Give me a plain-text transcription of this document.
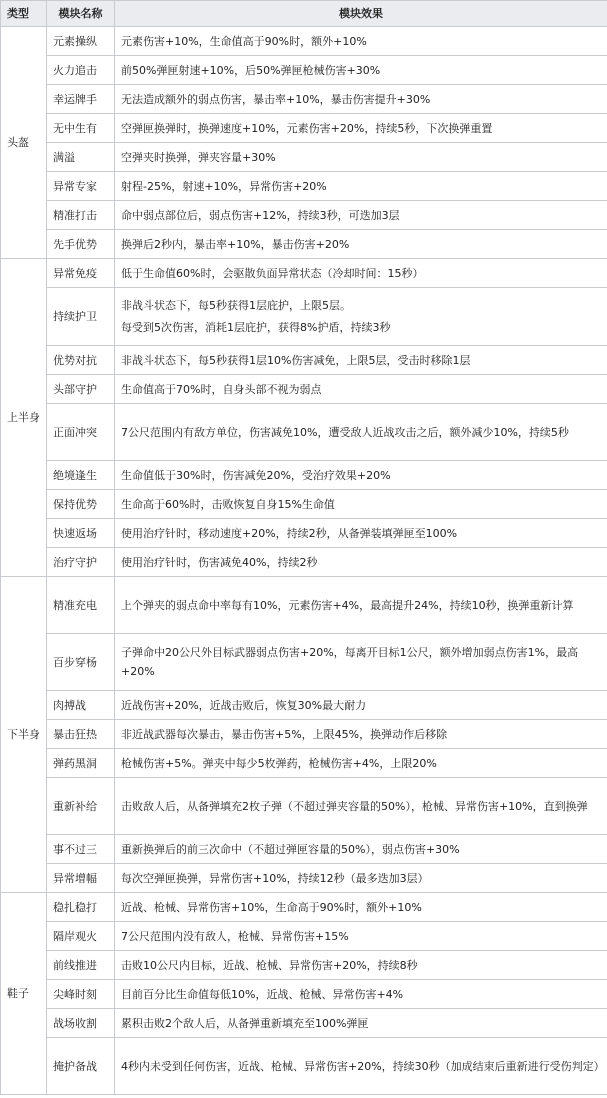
类型	模块名称	模块效果
头盔	元素操纵	元素伤害+10%，生命值高于90%时，额外+10%
	火力追击	前50%弹匣射速+10%，后50%弹匣枪械伤害+30%
	幸运牌手	无法造成额外的弱点伤害，暴击率+10%，暴击伤害提升+30%
	无中生有	空弹匣换弹时，换弹速度+10%，元素伤害+20%，持续5秒，下次换弹重置
	满溢	空弹夹时换弹，弹夹容量+30%
	异常专家	射程-25%，射速+10%，异常伤害+20%
	精准打击	命中弱点部位后，弱点伤害+12%，持续3秒，可迭加3层
	先手优势	换弹后2秒内，暴击率+10%，暴击伤害+20%
上半身	异常免疫	低于生命值60%时，会驱散负面异常状态（冷却时间：15秒）
	持续护卫	非战斗状态下，每5秒获得1层庇护，上限5层。
每受到5次伤害，消耗1层庇护，获得8%护盾，持续3秒

	优势对抗	非战斗状态下，每5秒获得1层10%伤害减免，上限5层，受击时移除1层
	头部守护	生命值高于70%时，自身头部不视为弱点
	正面冲突	7公尺范围内有敌方单位，伤害减免10%，遭受敌人近战攻击之后，额外减少10%，持续5秒
	绝境逢生	生命值低于30%时，伤害减免20%，受治疗效果+20%
	保持优势	生命高于60%时，击败恢复自身15%生命值
	快速返场	使用治疗针时，移动速度+20%，持续2秒，从备弹装填弹匣至100%
	治疗守护	使用治疗针时，伤害减免40%，持续2秒
下半身	精准充电	上个弹夹的弱点命中率每有10%，元素伤害+4%，最高提升24%，持续10秒，换弹重新计算
	百步穿杨	子弹命中20公尺外目标武器弱点伤害+20%，每离开目标1公尺，额外增加弱点伤害1%，最高+20%
	肉搏战	近战伤害+20%，近战击败后，恢复30%最大耐力
	暴击狂热	非近战武器每次暴击，暴击伤害+5%，上限45%，换弹动作后移除
	弹药黑洞	枪械伤害+5%。弹夹中每少5枚弹药，枪械伤害+4%，上限20%
	重新补给	击败敌人后，从备弹填充2枚子弹（不超过弹夹容量的50%），枪械、异常伤害+10%，直到换弹
	事不过三	重新换弹后的前三次命中（不超过弹匣容量的50%），弱点伤害+30%
	异常增幅	每次空弹匣换弹，异常伤害+10%，持续12秒（最多迭加3层）
鞋子	稳扎稳打	近战、枪械、异常伤害+10%，生命高于90%时，额外+10%
	隔岸观火	7公尺范围内没有敌人，枪械、异常伤害+15%
	前线推进	击败10公尺内目标，近战、枪械、异常伤害+20%，持续8秒
	尖峰时刻	目前百分比生命值每低10%，近战、枪械、异常伤害+4%
	战场收割	累积击败2个敌人后，从备弹重新填充至100%弹匣
	掩护备战	4秒内未受到任何伤害，近战、枪械、异常伤害+20%，持续30秒（加成结束后重新进行受伤判定）
